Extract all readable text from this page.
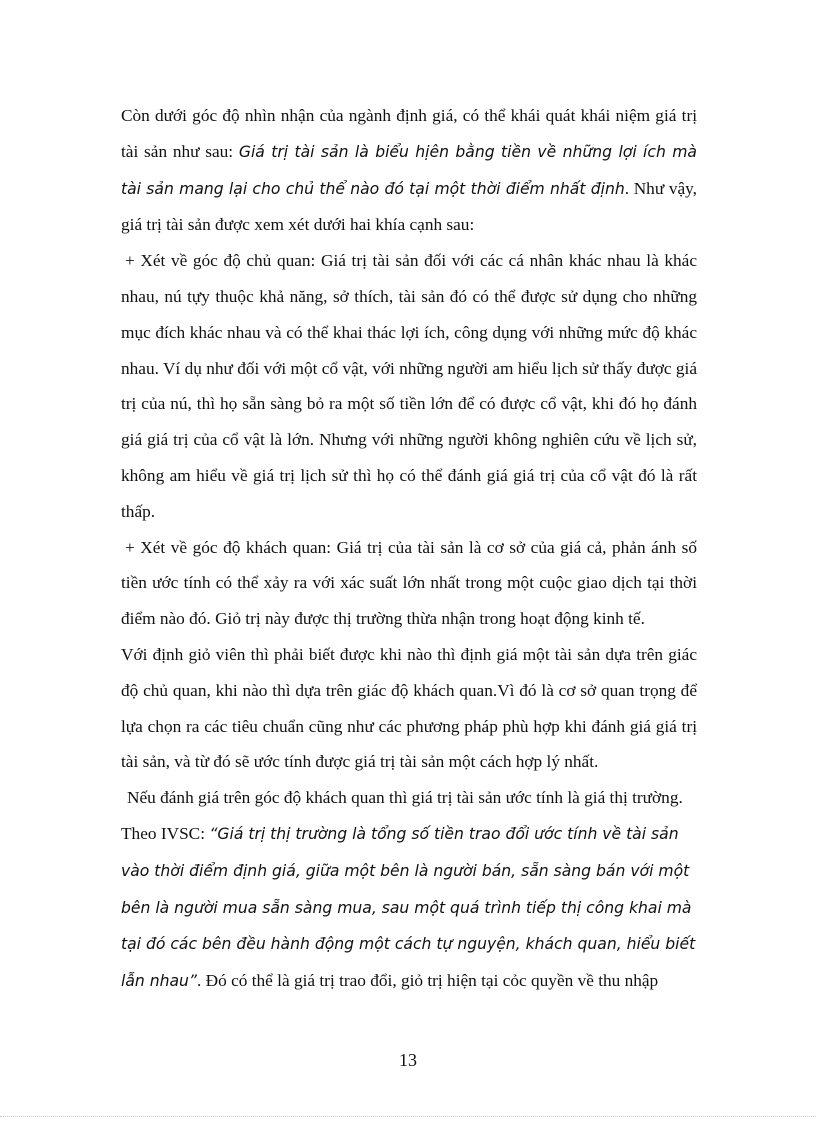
Còn dưới góc độ nhìn nhận của ngành định giá, có thể khái quát khái niệm giá trị tài sản như sau: Giá trị tài sản là biểu hịên bằng tiền về những lợi ích mà tài sản mang lại cho chủ thể nào đó tại một thời điểm nhất định. Như vậy, giá trị tài sản được xem xét dưới hai khía cạnh sau:

+ Xét về góc độ chủ quan: Giá trị tài sản đối với các cá nhân khác nhau là khác nhau, nú tựy thuộc khả năng, sở thích, tài sản đó có thể được sử dụng cho những mục đích khác nhau và có thể khai thác lợi ích, công dụng với những mức độ khác nhau. Ví dụ như đối với một cổ vật, với những người am hiểu lịch sử thấy được giá trị của nú, thì họ sẵn sàng bỏ ra một số tiền lớn để có được cổ vật, khi đó họ đánh giá giá trị của cổ vật là lớn. Nhưng với những người không nghiên cứu về lịch sử, không am hiểu về giá trị lịch sử thì họ có thể đánh giá giá trị của cổ vật đó là rất thấp.

+ Xét về góc độ khách quan: Giá trị của tài sản là cơ sở của giá cả, phản ánh số tiền ước tính có thể xảy ra với xác suất lớn nhất trong một cuộc giao dịch tại thời điểm nào đó. Giỏ trị này được thị trường thừa nhận trong hoạt động kinh tế.

Với định giỏ viên thì phải biết được khi nào thì định giá một tài sản dựa trên giác độ chủ quan, khi nào thì dựa trên giác độ khách quan.Vì đó là cơ sở quan trọng để lựa chọn ra các tiêu chuẩn cũng như các phương pháp phù hợp khi đánh giá giá trị tài sản, và từ đó sẽ ước tính được giá trị tài sản một cách hợp lý nhất.

Nếu đánh giá trên góc độ khách quan thì giá trị tài sản ước tính là giá thị trường. Theo IVSC: “Giá trị thị trường là tổng số tiền trao đổi ước tính về tài sản vào thời điểm định giá, giữa một bên là người bán, sẵn sàng bán với một bên là người mua sẵn sàng mua, sau một quá trình tiếp thị công khai mà tại đó các bên đều hành động một cách tự nguyện, khách quan, hiểu biết lẫn nhau”. Đó có thể là giá trị trao đổi, giỏ trị hiện tại cỏc quyền về thu nhập

13
